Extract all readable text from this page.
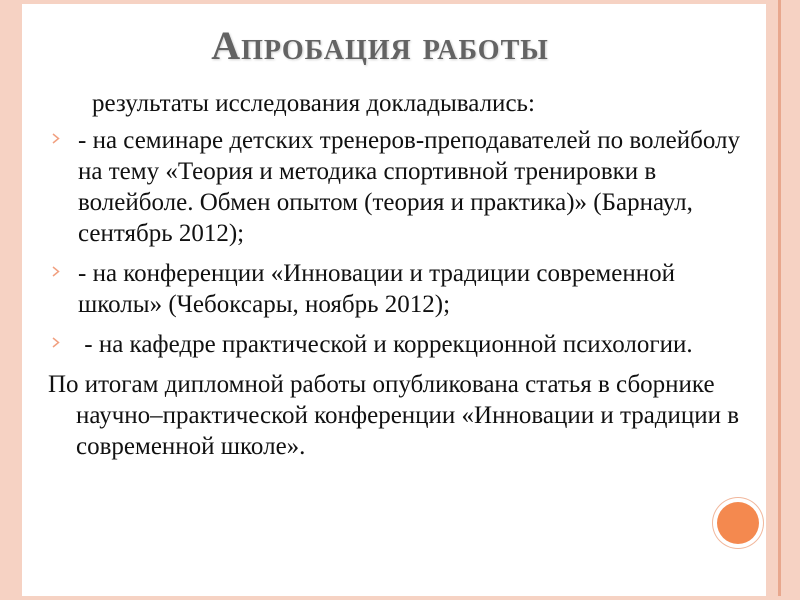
Апробация работы

результаты исследования докладывались:

- на семинаре детских тренеров-преподавателей по волейболу на тему «Теория и методика спортивной тренировки в волейболе. Обмен опытом (теория и практика)» (Барнаул, сентябрь 2012);
- на конференции «Инновации и традиции современной школы» (Чебоксары, ноябрь 2012);
- на кафедре практической и коррекционной психологии.

По итогам дипломной работы опубликована статья в сборнике научно–практической конференции «Инновации и традиции в современной школе».
